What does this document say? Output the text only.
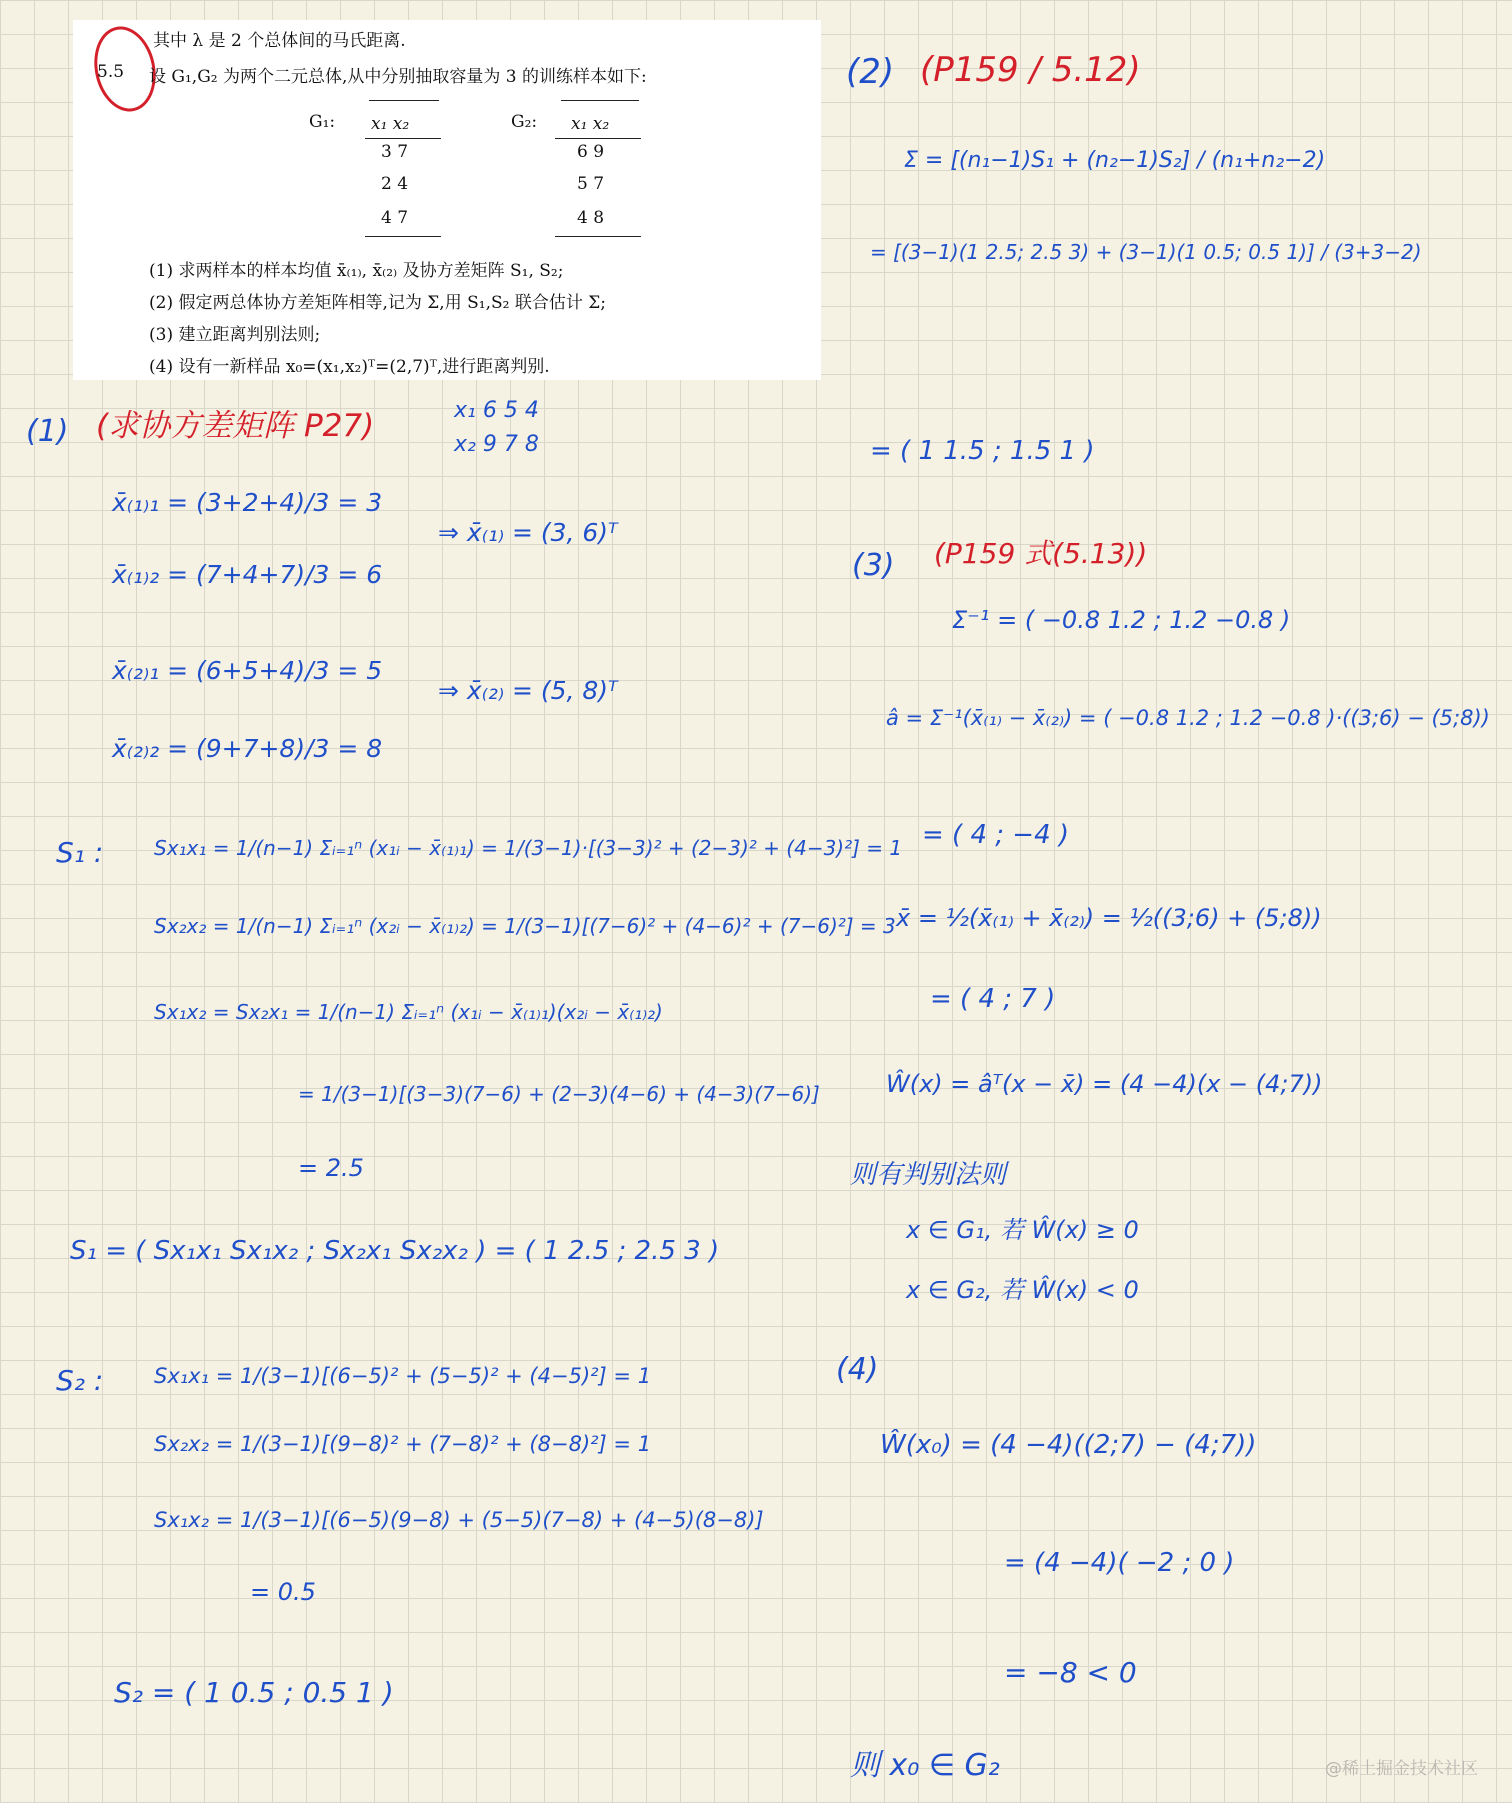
其中 λ 是 2 个总体间的马氏距离.
5.5 设 G₁,G₂ 为两个二元总体,从中分别抽取容量为 3 的训练样本如下:
G₁: x₁ x₂
3 7
2 4
4 7
G₂: x₁ x₂
6 9
5 7
4 8
(1) 求两样本的样本均值 x̄₍₁₎, x̄₍₂₎ 及协方差矩阵 S₁, S₂;
(2) 假定两总体协方差矩阵相等,记为 Σ,用 S₁,S₂ 联合估计 Σ;
(3) 建立距离判别法则;
(4) 设有一新样品 x₀=(x₁,x₂)ᵀ=(2,7)ᵀ,进行距离判别.
(1) (求协方差矩阵 P27)	x₁ 6 5 4
x₂ 9 7 8
x̄₍₁₎₁ = (3+2+4)/3 = 3
x̄₍₁₎₂ = (7+4+7)/3 = 6
⇒ x̄₍₁₎ = (3, 6)ᵀ
x̄₍₂₎₁ = (6+5+4)/3 = 5
x̄₍₂₎₂ = (9+7+8)/3 = 8
⇒ x̄₍₂₎ = (5, 8)ᵀ
S₁ :	Sx₁x₁ = 1/(n−1) Σᵢ₌₁ⁿ (x₁ᵢ − x̄₍₁₎₁) = 1/(3−1)·[(3−3)² + (2−3)² + (4−3)²] = 1
Sx₂x₂ = 1/(n−1) Σᵢ₌₁ⁿ (x₂ᵢ − x̄₍₁₎₂) = 1/(3−1)[(7−6)² + (4−6)² + (7−6)²] = 3
Sx₁x₂ = Sx₂x₁ = 1/(n−1) Σᵢ₌₁ⁿ (x₁ᵢ − x̄₍₁₎₁)(x₂ᵢ − x̄₍₁₎₂)
= 1/(3−1)[(3−3)(7−6) + (2−3)(4−6) + (4−3)(7−6)]
= 2.5
S₁ = ( Sx₁x₁ Sx₁x₂ ; Sx₂x₁ Sx₂x₂ ) = ( 1 2.5 ; 2.5 3 )
S₂ : Sx₁x₁ = 1/(3−1)[(6−5)² + (5−5)² + (4−5)²] = 1
Sx₂x₂ = 1/(3−1)[(9−8)² + (7−8)² + (8−8)²] = 1
Sx₁x₂ = 1/(3−1)[(6−5)(9−8) + (5−5)(7−8) + (4−5)(8−8)]
= 0.5
S₂ = ( 1 0.5 ; 0.5 1 )
(2) (P159 / 5.12)
Σ = [(n₁−1)S₁ + (n₂−1)S₂] / (n₁+n₂−2)
= [(3−1)(1 2.5; 2.5 3) + (3−1)(1 0.5; 0.5 1)] / (3+3−2)
= ( 1 1.5 ; 1.5 1 )
(3) (P159 式(5.13))
Σ⁻¹ = ( −0.8 1.2 ; 1.2 −0.8 )
â = Σ⁻¹(x̄₍₁₎ − x̄₍₂₎) = ( −0.8 1.2 ; 1.2 −0.8 )·((3;6) − (5;8))
= ( 4 ; −4 )
x̄ = ½(x̄₍₁₎ + x̄₍₂₎) = ½((3;6) + (5;8))
= ( 4 ; 7 )
Ŵ(x) = âᵀ(x − x̄) = (4 −4)(x − (4;7))
则有判别法则
x ∈ G₁, 若 Ŵ(x) ≥ 0
x ∈ G₂, 若 Ŵ(x) < 0
(4)
Ŵ(x₀) = (4 −4)((2;7) − (4;7))
= (4 −4)( −2 ; 0 )
= −8 < 0
则 x₀ ∈ G₂	@稀土掘金技术社区
